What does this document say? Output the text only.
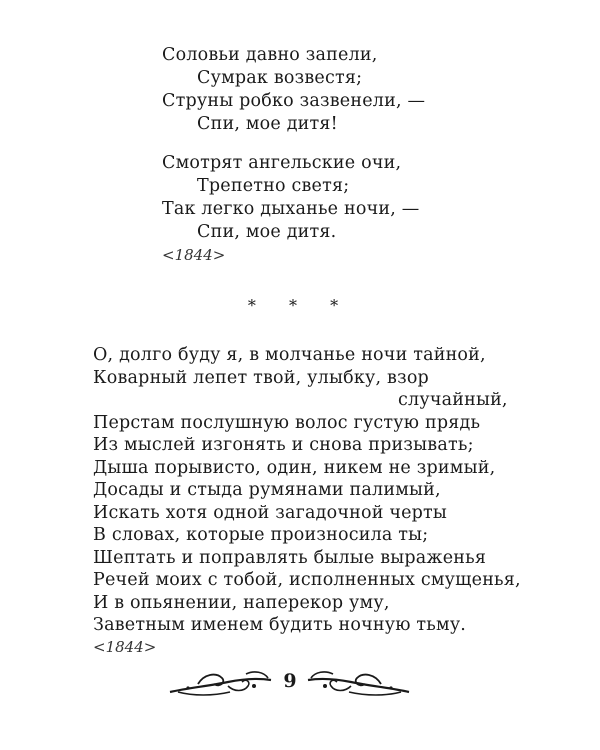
Соловьи давно запели,
Сумрак возвестя;
Струны робко зазвенели, —
Спи, мое дитя!
Смотрят ангельские очи,
Трепетно светя;
Так легко дыханье ночи, —
Спи, мое дитя.
<1844>
* * *
О, долго буду я, в молчанье ночи тайной,
Коварный лепет твой, улыбку, взор
случайный,
Перстам послушную волос густую прядь
Из мыслей изгонять и снова призывать;
Дыша порывисто, один, никем не зримый,
Досады и стыда румянами палимый,
Искать хотя одной загадочной черты
В словах, которые произносила ты;
Шептать и поправлять былые выраженья
Речей моих с тобой, исполненных смущенья,
И в опьянении, наперекор уму,
Заветным именем будить ночную тьму.
<1844>
9
